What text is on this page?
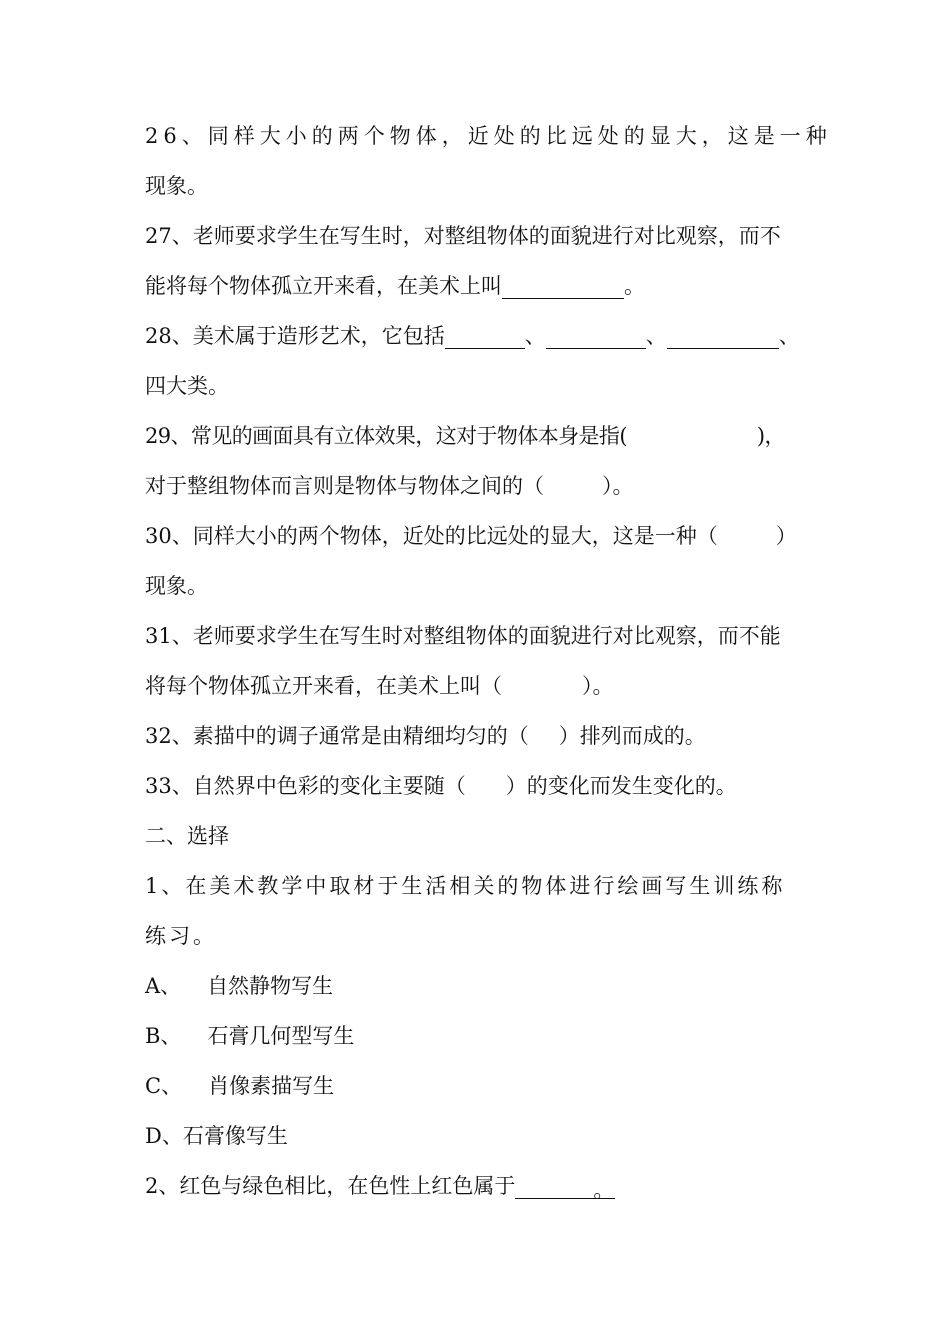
26、同样大小的两个物体，近处的比远处的显大，这是一种
现象。
27、老师要求学生在写生时，对整组物体的面貌进行对比观察，而不
能将每个物体孤立开来看，在美术上叫	。
28、美术属于造形艺术，它包括	、	、	、
四大类。
29、常见的画面具有立体效果，这对于物体本身是指(	)，
对于整组物体而言则是物体与物体之间的（	）。
30、同样大小的两个物体，近处的比远处的显大，这是一种（	）
现象。
31、老师要求学生在写生时对整组物体的面貌进行对比观察，而不能
将每个物体孤立开来看，在美术上叫（	）。
32、素描中的调子通常是由精细均匀的（ ）排列而成的。
33、自然界中色彩的变化主要随（ ）的变化而发生变化的。
二、选择
1、在美术教学中取材于生活相关的物体进行绘画写生训练称
练习。
A、 自然静物写生
B、 石膏几何型写生
C、 肖像素描写生
D、石膏像写生
2、红色与绿色相比，在色性上红色属于	。
